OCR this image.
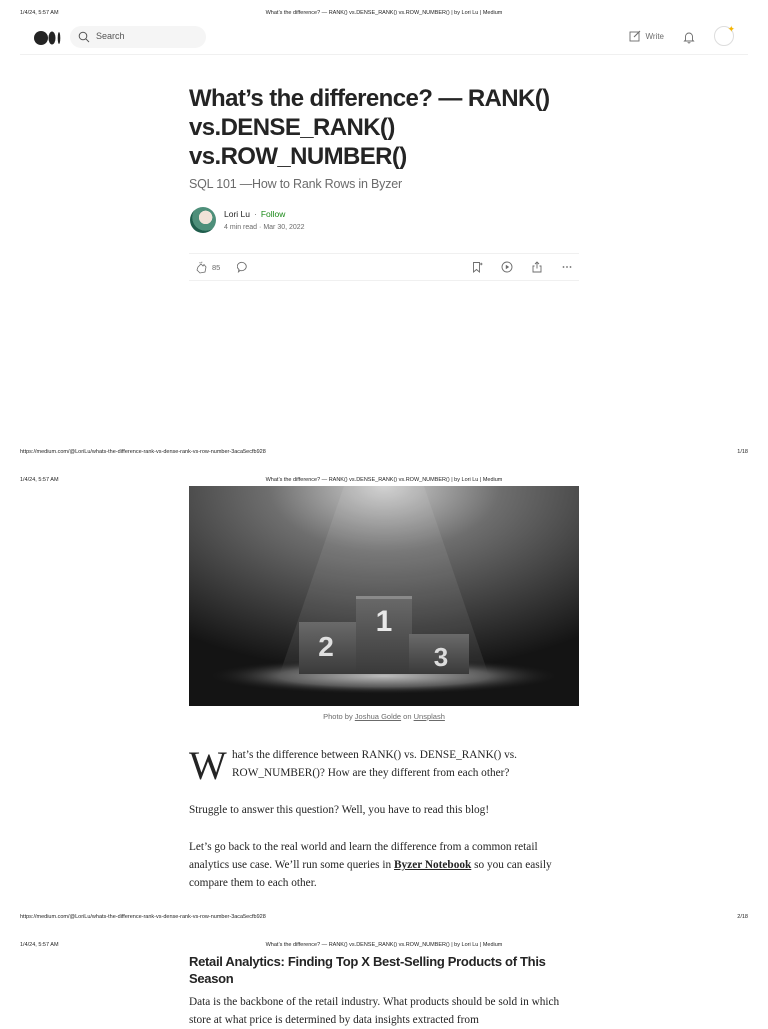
1/4/24, 5:57 AM	What’s the difference? — RANK() vs.DENSE_RANK() vs.ROW_NUMBER() | by Lori Lu | Medium
Search	Write
✦
What’s the difference? — RANK()
vs.DENSE_RANK()
vs.ROW_NUMBER()
SQL 101 —How to Rank Rows in Byzer
Lori Lu · Follow
4 min read · Mar 30, 2022
85
https://medium.com/@LoriLu/whats-the-difference-rank-vs-dense-rank-vs-row-number-3aca5ecfb928	1/18
1/4/24, 5:57 AM	What’s the difference? — RANK() vs.DENSE_RANK() vs.ROW_NUMBER() | by Lori Lu | Medium
1
2	3
Photo by Joshua Golde on Unsplash
W hat’s the difference between RANK() vs. DENSE_RANK() vs. ROW_NUMBER()? How are they different from each other?
Struggle to answer this question? Well, you have to read this blog!
Let’s go back to the real world and learn the difference from a common retail analytics use case. We’ll run some queries in Byzer Notebook so you can easily compare them to each other.
https://medium.com/@LoriLu/whats-the-difference-rank-vs-dense-rank-vs-row-number-3aca5ecfb928	2/18
1/4/24, 5:57 AM	What’s the difference? — RANK() vs.DENSE_RANK() vs.ROW_NUMBER() | by Lori Lu | Medium
Retail Analytics: Finding Top X Best-Selling Products of This Season
Data is the backbone of the retail industry. What products should be sold in which store at what price is determined by data insights extracted from
